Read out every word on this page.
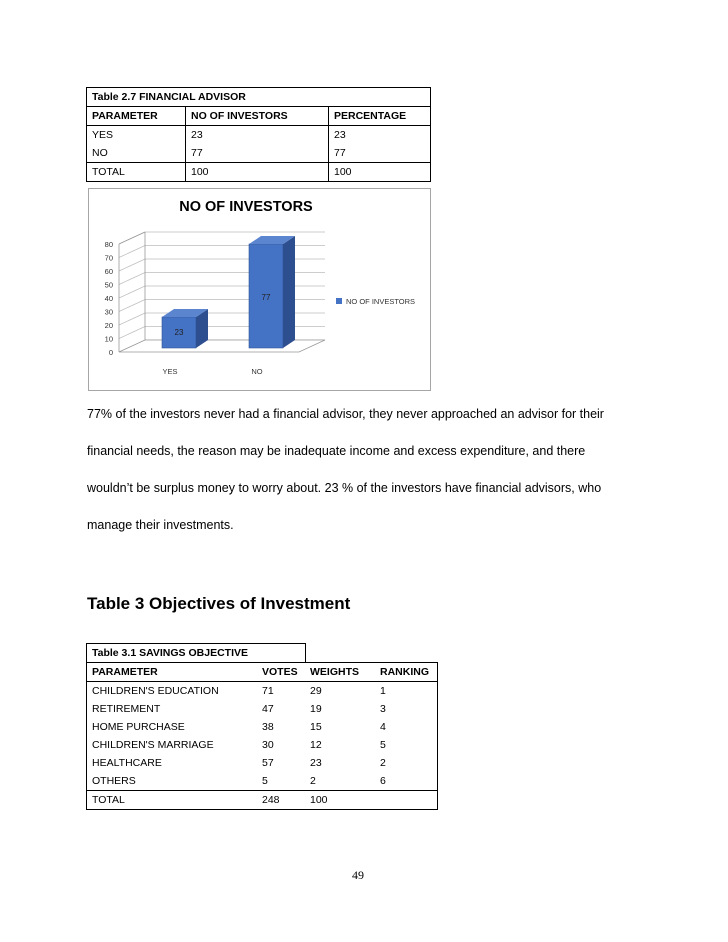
Table 2.7 FINANCIAL ADVISOR		
PARAMETER	NO OF INVESTORS	PERCENTAGE
YES	23	23
NO	77	77
TOTAL	100	100
NO OF INVESTORS
0
10
20
30
40
50
60
70
80
23
YES
77
NO
NO OF INVESTORS
77% of the investors never had a financial advisor, they never approached an advisor for their
financial needs, the reason may be inadequate income and excess expenditure, and there
wouldn’t be surplus money to worry about. 23 % of the investors have financial advisors, who
manage their investments.
Table 3 Objectives of Investment
Table 3.1 SAVINGS OBJECTIVE			
PARAMETER	VOTES	WEIGHTS	RANKING
CHILDREN'S EDUCATION	71	29	1
RETIREMENT	47	19	3
HOME PURCHASE	38	15	4
CHILDREN'S MARRIAGE	30	12	5
HEALTHCARE	57	23	2
OTHERS	5	2	6
TOTAL	248	100	
49
